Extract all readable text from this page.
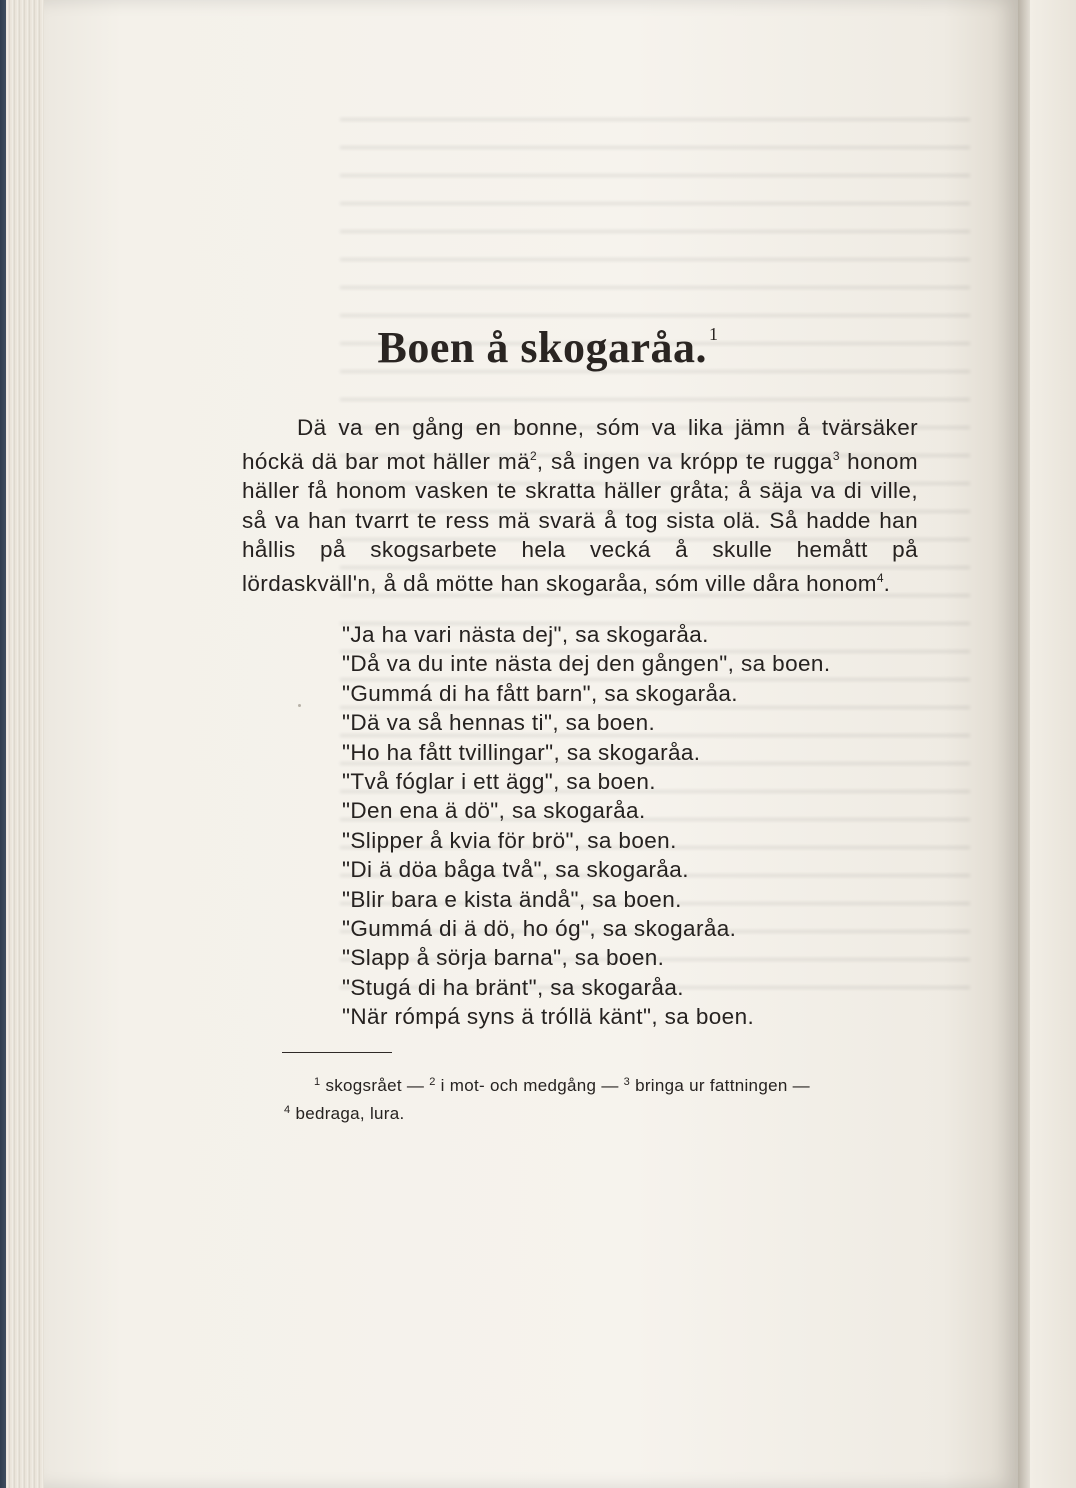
Boen å skogaråa. $^1$

Dä va en gång en bonne, sóm va lika jämn å tvärsäker hóckä dä bar mot häller mä$^2$, så ingen va krópp te rugga$^3$ honom häller få honom vasken te skratta häller gråta; å säja va di ville, så va han tvarrt te ress mä svarä å tog sista olä. Så hadde han hållis på skogsarbete hela vecká å skulle hemått på lördaskväll'n, å då mötte han skogaråa, sóm ville dåra honom$^4$.

"Ja ha vari nästa dej", sa skogaråa.
"Då va du inte nästa dej den gången", sa boen.
"Gummá di ha fått barn", sa skogaråa.
"Dä va så hennas ti", sa boen.
"Ho ha fått tvillingar", sa skogaråa.
"Två fóglar i ett ägg", sa boen.
"Den ena ä dö", sa skogaråa.
"Slipper å kvia för brö", sa boen.
"Di ä döa båga två", sa skogaråa.
"Blir bara e kista ändå", sa boen.
"Gummá di ä dö, ho óg", sa skogaråa.
"Slapp å sörja barna", sa boen.
"Stugá di ha bränt", sa skogaråa.
"När rómpá syns ä tróllä känt", sa boen.
$^1$ skogsrået — $^2$ i mot- och medgång — $^3$ bringa ur fattningen —
$^4$ bedraga, lura.
